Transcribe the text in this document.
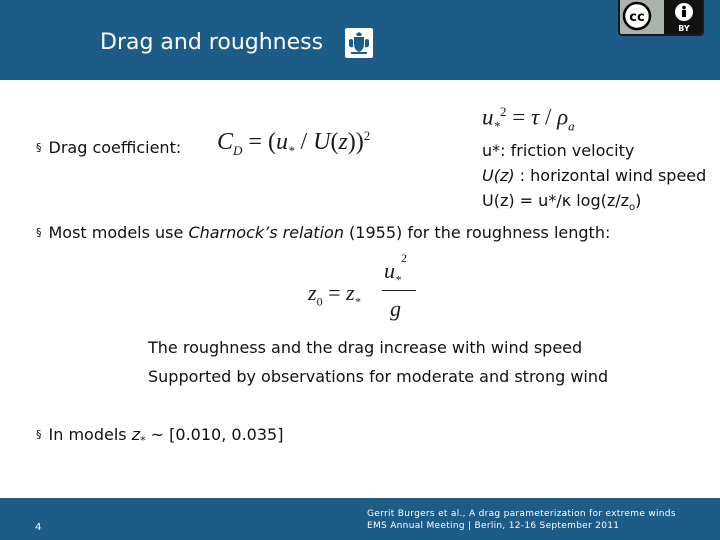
Drag and roughness
cc
BY
§ Drag coefficient: $C_D = (u_* / U(z))^2$
$u_*^2 = \tau / \rho_a$
u*: friction velocity
U(z) : horizontal wind speed
U(z) = u*/κ $\log(z/z_o)$
§ Most models use Charnock’s relation (1955) for the roughness length:
$z_0 = z_*$
$u_*^2$
g
The roughness and the drag increase with wind speed
Supported by observations for moderate and strong wind
§ In models $z_*$ ~ [0.010, 0.035]
4
Gerrit Burgers et al., A drag parameterization for extreme winds
EMS Annual Meeting | Berlin, 12-16 September 2011
